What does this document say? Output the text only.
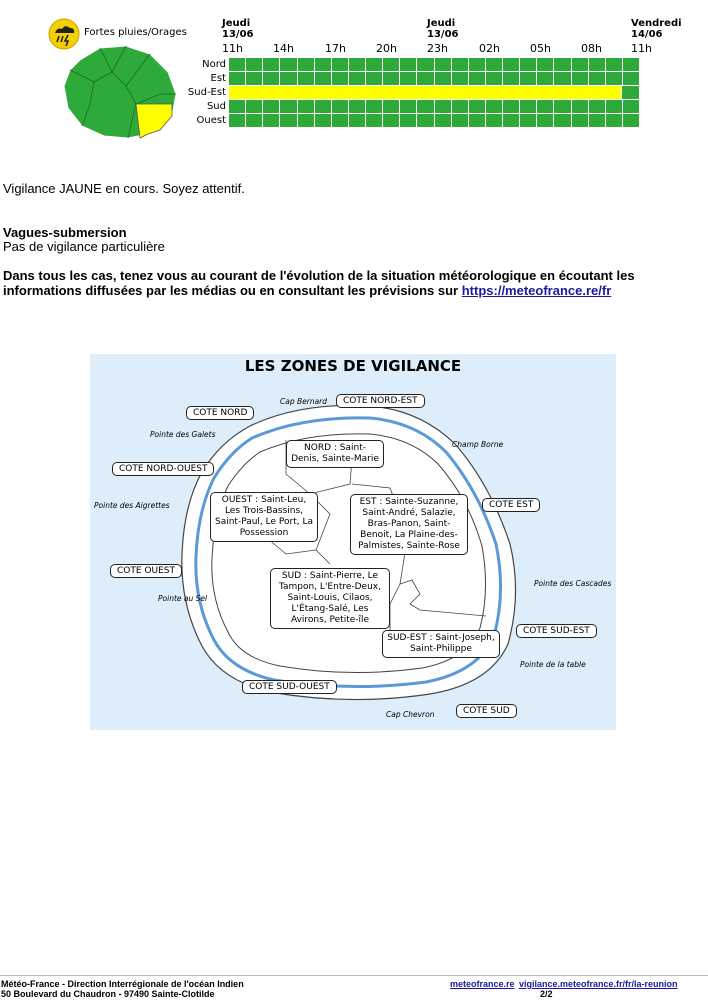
Fortes pluies/Orages
Jeudi
13/06
Jeudi
13/06
Vendredi
14/06
11h	14h	17h	20h	23h	02h	05h	08h	11h
Nord
Est
Sud-Est
Sud
Ouest
Vigilance JAUNE en cours. Soyez attentif.
Vagues-submersion
Pas de vigilance particulière
Dans tous les cas, tenez vous au courant de l'évolution de la situation météorologique en écoutant les informations diffusées par les médias ou en consultant les prévisions sur https://meteofrance.re/fr
LES ZONES DE VIGILANCE
COTE NORD
COTE NORD-EST
COTE NORD-OUEST
COTE EST
COTE OUEST
COTE SUD-EST
COTE SUD-OUEST
COTE SUD
NORD : Saint-Denis, Sainte-Marie
OUEST : Saint-Leu, Les Trois-Bassins, Saint-Paul, Le Port, La Possession
EST : Sainte-Suzanne, Saint-André, Salazie, Bras-Panon, Saint-Benoit, La Plaine-des-Palmistes, Sainte-Rose
SUD : Saint-Pierre, Le Tampon, L'Entre-Deux, Saint-Louis, Cilaos, L'Étang-Salé, Les Avirons, Petite-île
SUD-EST : Saint-Joseph, Saint-Philippe
Cap Bernard
Pointe des Galets
Champ Borne
Pointe des Aigrettes
Pointe des Cascades
Pointe au Sel
Pointe de la table
Cap Chevron
Météo-France - Direction Interrégionale de l'océan Indien
50 Boulevard du Chaudron - 97490 Sainte-Clotilde
meteofrance.re vigilance.meteofrance.fr/fr/la-reunion
2/2
